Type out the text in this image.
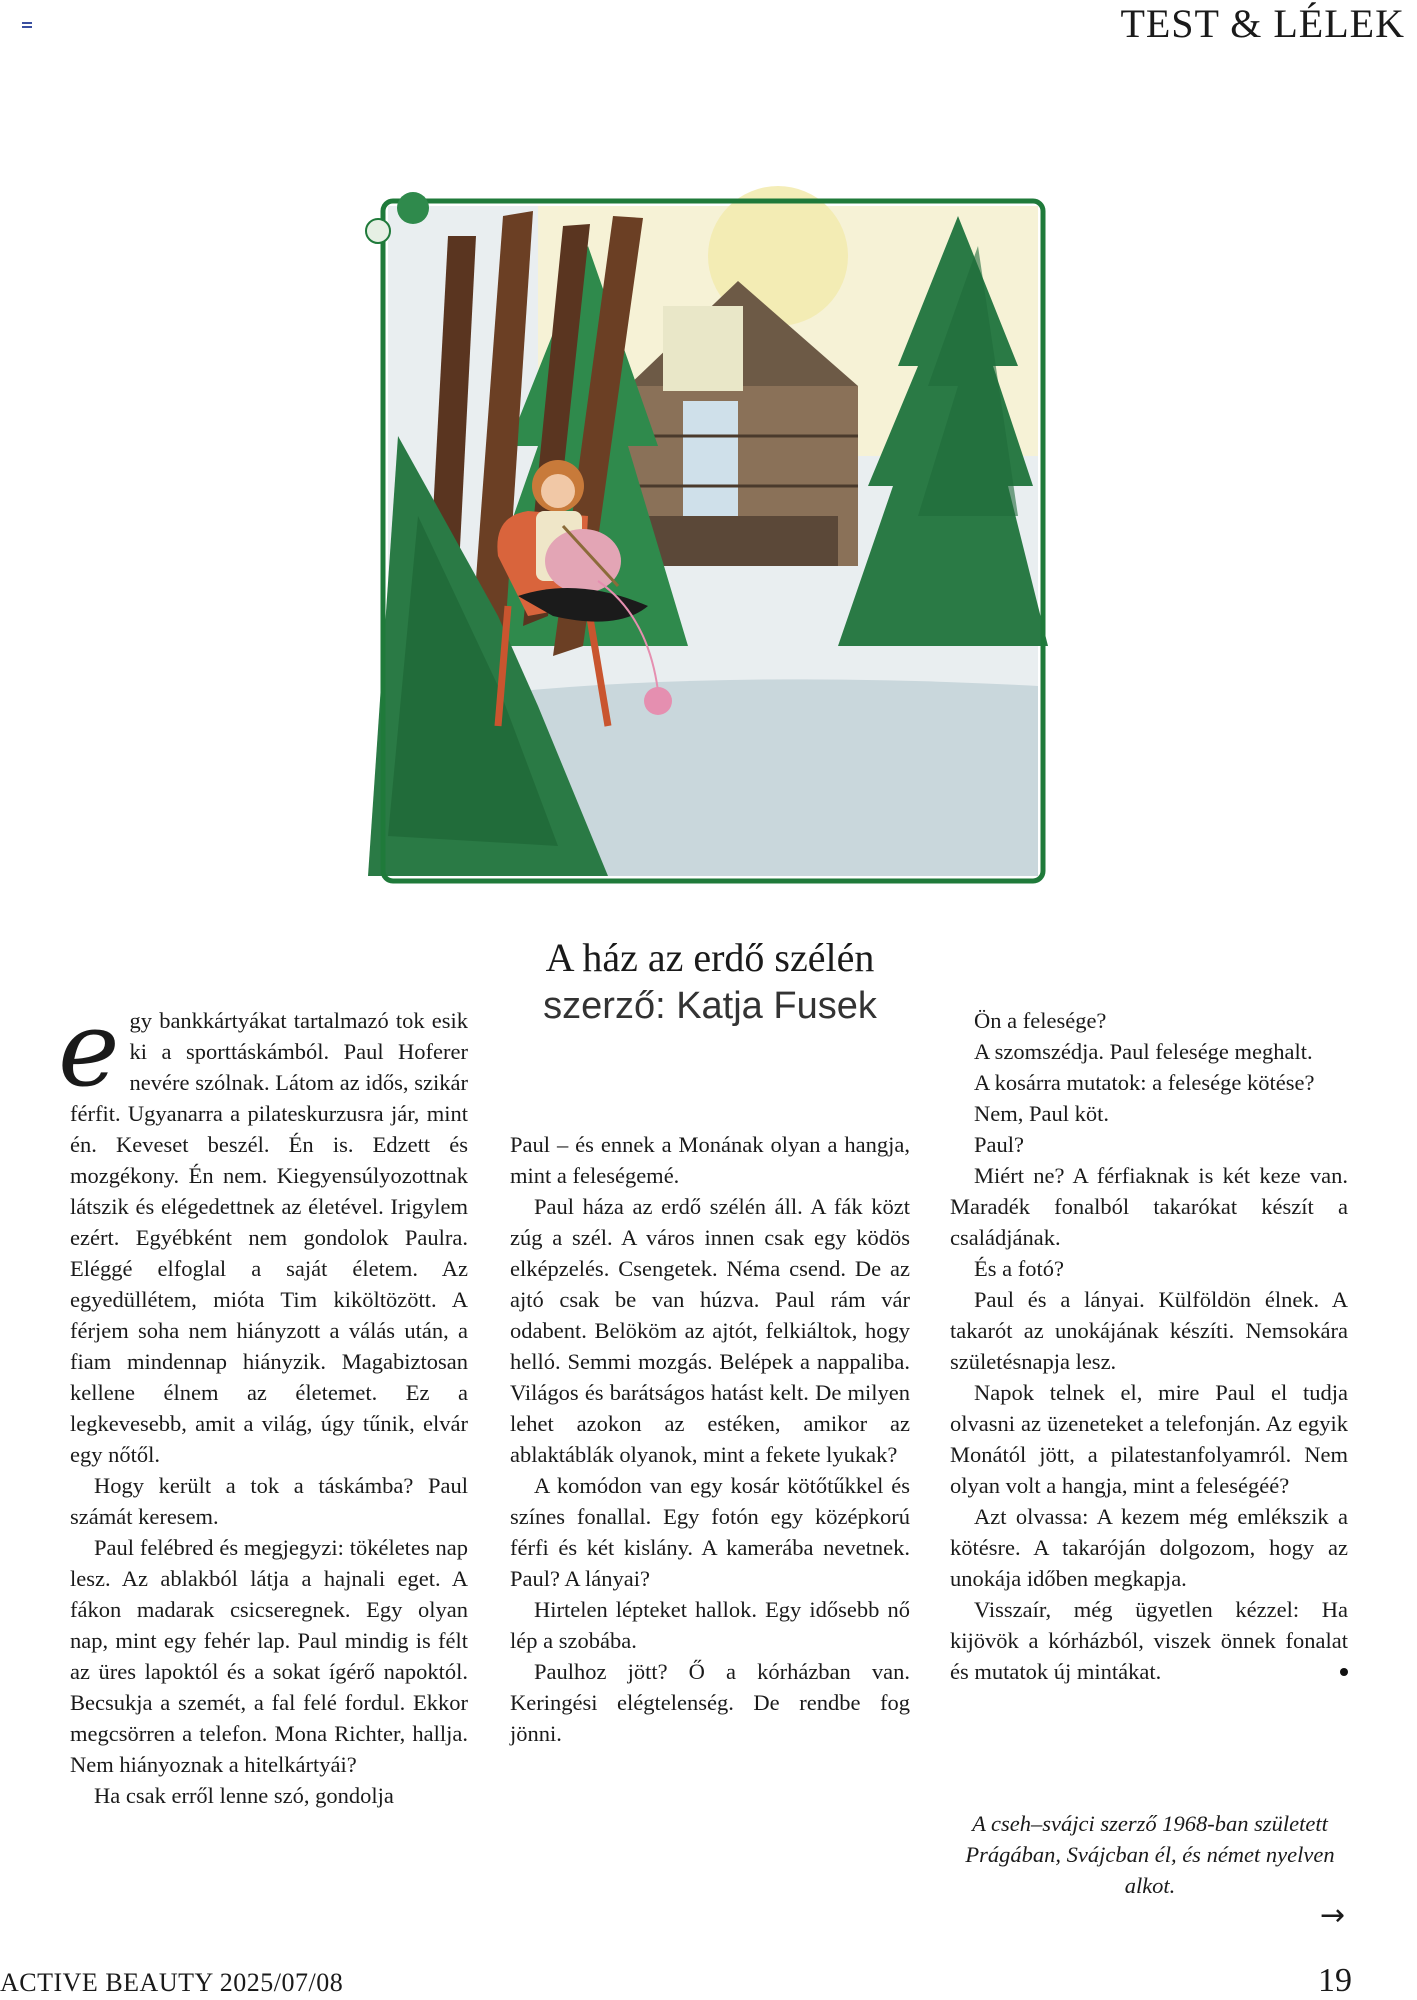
TEST & LÉLEK
A ház az erdő szélén
szerző: Katja Fusek
e gy bankkártyákat tartalmazó tok esik ki a sporttáskámból. Paul Hoferer nevére szólnak. Látom az idős, szikár férfit. Ugyanarra a pilateskurzusra jár, mint én. Keveset beszél. Én is. Edzett és mozgékony. Én nem. Kiegyensúlyozottnak látszik és elégedettnek az életével. Irigylem ezért. Egyébként nem gondolok Paulra. Eléggé elfoglal a saját életem. Az egyedüllétem, mióta Tim kiköltözött. A férjem soha nem hiányzott a válás után, a fiam mindennap hiányzik. Magabiztosan kellene élnem az életemet. Ez a legkevesebb, amit a világ, úgy tűnik, elvár egy nőtől.

Hogy került a tok a táskámba? Paul számát keresem.

Paul felébred és megjegyzi: tökéletes nap lesz. Az ablakból látja a hajnali eget. A fákon madarak csicseregnek. Egy olyan nap, mint egy fehér lap. Paul mindig is félt az üres lapoktól és a sokat ígérő napoktól. Becsukja a szemét, a fal felé fordul. Ekkor megcsörren a telefon. Mona Richter, hallja. Nem hiányoznak a hitelkártyái?

Ha csak erről lenne szó, gondolja

Paul – és ennek a Monának olyan a hangja, mint a feleségemé.

Paul háza az erdő szélén áll. A fák közt zúg a szél. A város innen csak egy ködös elképzelés. Csengetek. Néma csend. De az ajtó csak be van húzva. Paul rám vár odabent. Belököm az ajtót, felkiáltok, hogy helló. Semmi mozgás. Belépek a nappaliba. Világos és barátságos hatást kelt. De milyen lehet azokon az estéken, amikor az ablaktáblák olyanok, mint a fekete lyukak?

A komódon van egy kosár kötőtűkkel és színes fonallal. Egy fotón egy középkorú férfi és két kislány. A kamerába nevetnek. Paul? A lányai?

Hirtelen lépteket hallok. Egy idősebb nő lép a szobába.

Paulhoz jött? Ő a kórházban van. Keringési elégtelenség. De rendbe fog jönni.

Ön a felesége?

A szomszédja. Paul felesége meghalt.

A kosárra mutatok: a felesége kötése?

Nem, Paul köt.

Paul?

Miért ne? A férfiaknak is két keze van. Maradék fonalból takarókat készít a családjának.

És a fotó?

Paul és a lányai. Külföldön élnek. A takarót az unokájának készíti. Nemsokára születésnapja lesz.

Napok telnek el, mire Paul el tudja olvasni az üzeneteket a telefonján. Az egyik Monától jött, a pilatestanfolyamról. Nem olyan volt a hangja, mint a feleségéé?

Azt olvassa: A kezem még emlékszik a kötésre. A takaróján dolgozom, hogy az unokája időben megkapja.

Visszaír, még ügyetlen kézzel: Ha kijövök a kórházból, viszek önnek fonalat és mutatok új mintákat.

A cseh–svájci szerző 1968-ban született Prágában, Svájcban él, és német nyelven alkot.
→
ACTIVE BEAUTY 2025/07/08	19
